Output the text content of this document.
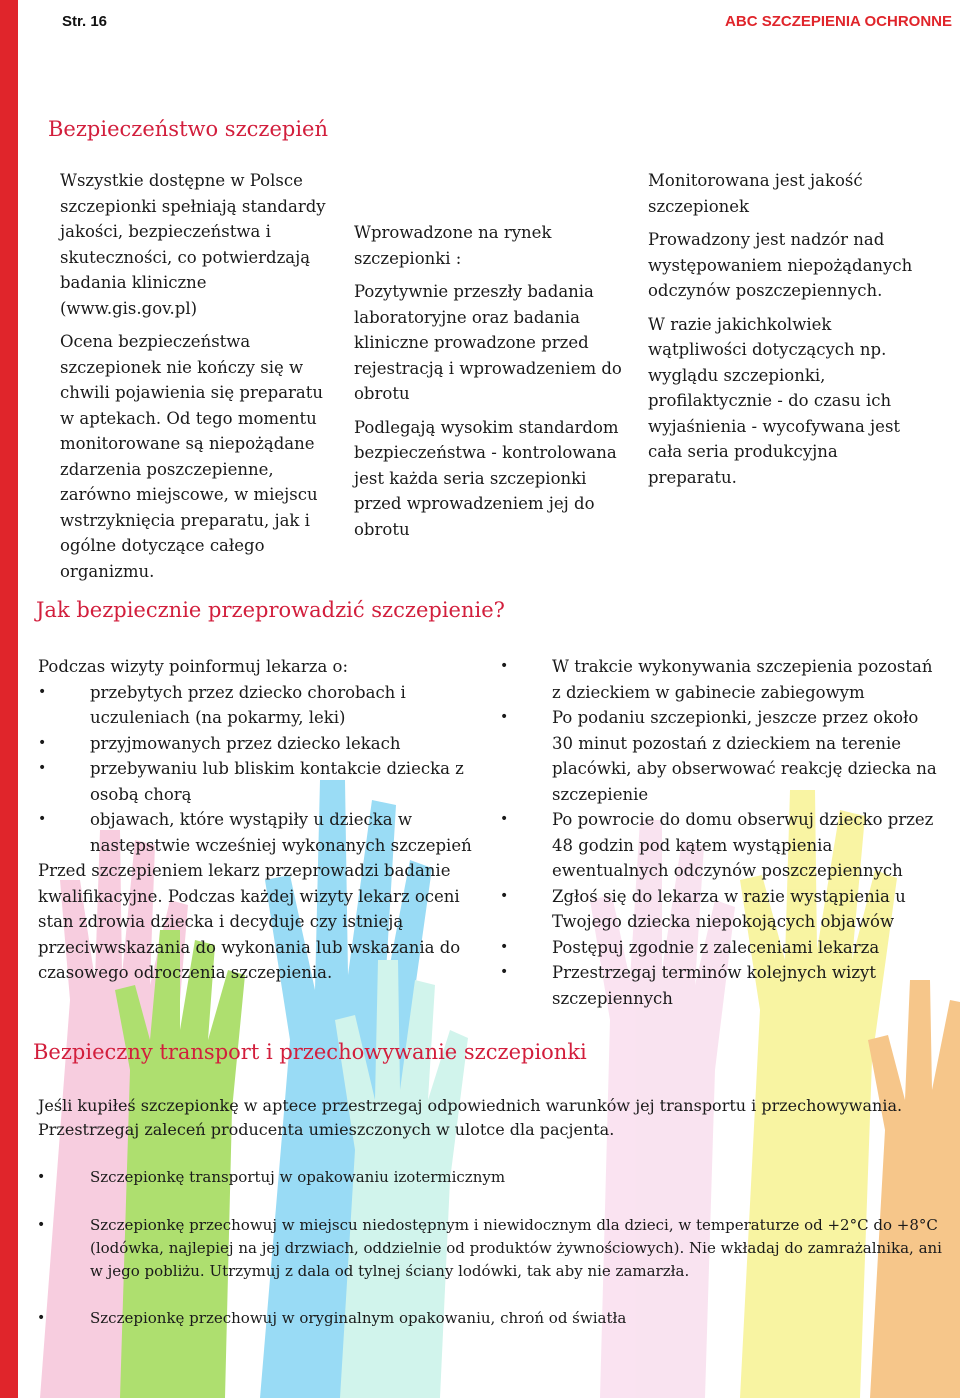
Str. 16	ABC SZCZEPIENIA OCHRONNE
Bezpieczeństwo szczepień

Wszystkie dostępne w Polsce szczepionki spełniają standardy jakości, bezpieczeństwa i skuteczności, co potwierdzają badania kliniczne (www.gis.gov.pl)

Ocena bezpieczeństwa szczepionek nie kończy się w chwili pojawienia się preparatu w aptekach. Od tego momentu monitorowane są niepożądane zdarzenia poszczepienne, zarówno miejscowe, w miejscu wstrzyknięcia preparatu, jak i ogólne dotyczące całego organizmu.

Wprowadzone na rynek szczepionki :

Pozytywnie przeszły badania laboratoryjne oraz badania kliniczne prowadzone przed rejestracją i wprowadzeniem do obrotu

Podlegają wysokim standardom bezpieczeństwa - kontrolowana jest każda seria szczepionki przed wprowadzeniem jej do obrotu

Monitorowana jest jakość szczepionek

Prowadzony jest nadzór nad występowaniem niepożądanych odczynów poszczepiennych.

W razie jakichkolwiek wątpliwości dotyczących np. wyglądu szczepionki, profilaktycznie - do czasu ich wyjaśnienia - wycofywana jest cała seria produkcyjna preparatu.

Jak bezpiecznie przeprowadzić szczepienie?
Podczas wizyty poinformuj lekarza o:
• przebytych przez dziecko chorobach i uczuleniach (na pokarmy, leki)
• przyjmowanych przez dziecko lekach
• przebywaniu lub bliskim kontakcie dziecka z osobą chorą
• objawach, które wystąpiły u dziecka w następstwie wcześniej wykonanych szczepień
Przed szczepieniem lekarz przeprowadzi badanie kwalifikacyjne. Podczas każdej wizyty lekarz oceni stan zdrowia dziecka i decyduje czy istnieją przeciwwskazania do wykonania lub wskazania do czasowego odroczenia szczepienia.
• W trakcie wykonywania szczepienia pozostań z dzieckiem w gabinecie zabiegowym
• Po podaniu szczepionki, jeszcze przez około 30 minut pozostań z dzieckiem na terenie placówki, aby obserwować reakcję dziecka na szczepienie
• Po powrocie do domu obserwuj dziecko przez 48 godzin pod kątem wystąpienia ewentualnych odczynów poszczepiennych
• Zgłoś się do lekarza w razie wystąpienia u Twojego dziecka niepokojących objawów
• Postępuj zgodnie z zaleceniami lekarza
• Przestrzegaj terminów kolejnych wizyt szczepiennych
Bezpieczny transport i przechowywanie szczepionki
Jeśli kupiłeś szczepionkę w aptece przestrzegaj odpowiednich warunków jej transportu i przechowywania. Przestrzegaj zaleceń producenta umieszczonych w ulotce dla pacjenta.
•	Szczepionkę transportuj w opakowaniu izotermicznym
•	Szczepionkę przechowuj w miejscu niedostępnym i niewidocznym dla dzieci, w temperaturze od +2°C do +8°C (lodówka, najlepiej na jej drzwiach, oddzielnie od produktów żywnościowych). Nie wkładaj do zamrażalnika, ani w jego pobliżu. Utrzymuj z dala od tylnej ściany lodówki, tak aby nie zamarzła.
•	Szczepionkę przechowuj w oryginalnym opakowaniu, chroń od światła
